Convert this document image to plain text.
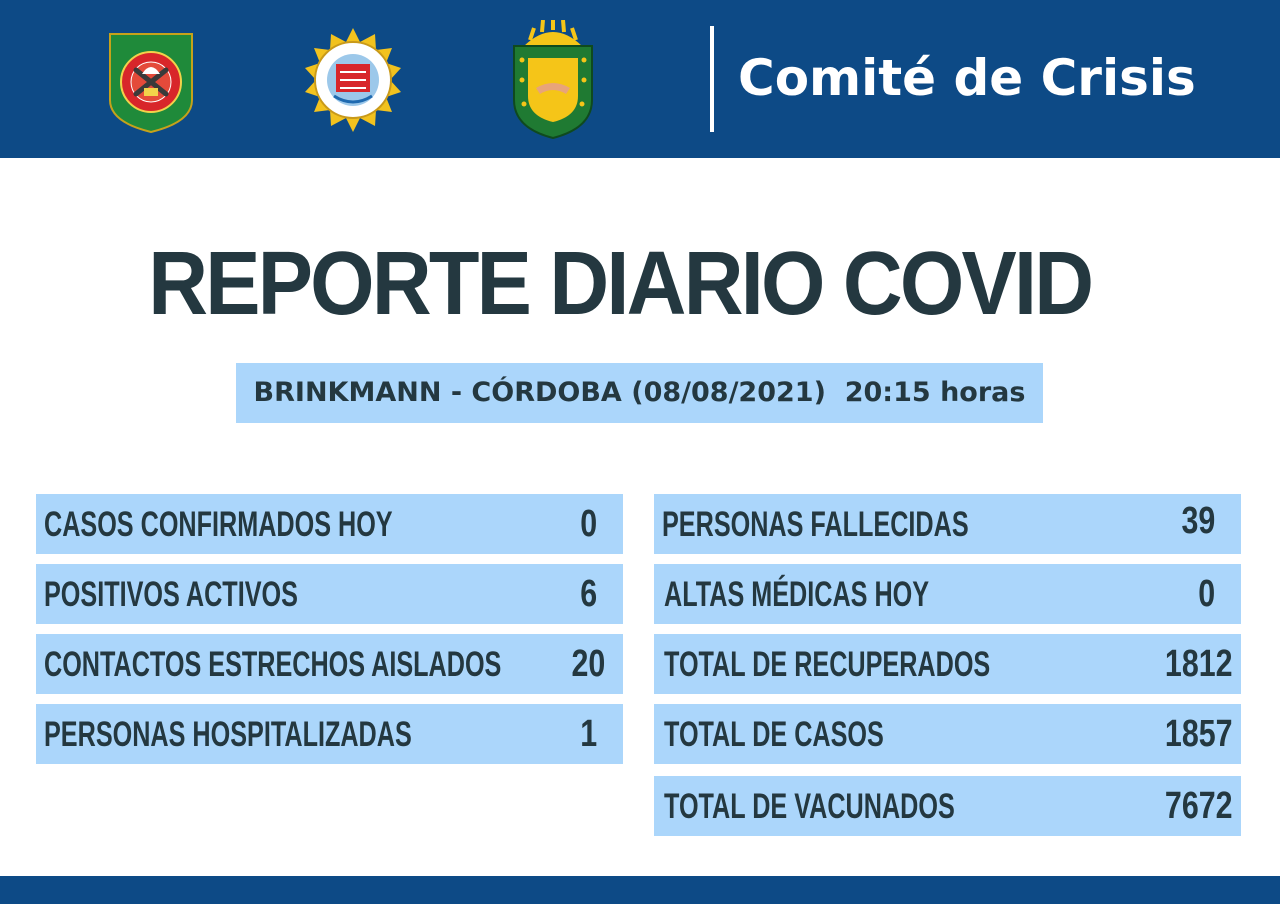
Comité de Crisis
REPORTE DIARIO COVID
BRINKMANN - CÓRDOBA (08/08/2021)  20:15 horas
CASOS CONFIRMADOS HOY	0
POSITIVOS ACTIVOS	6
CONTACTOS ESTRECHOS AISLADOS 20
PERSONAS HOSPITALIZADAS	1
PERSONAS FALLECIDAS	39
ALTAS MÉDICAS HOY	0
TOTAL DE RECUPERADOS	1812
TOTAL DE CASOS	1857
TOTAL DE VACUNADOS	7672
